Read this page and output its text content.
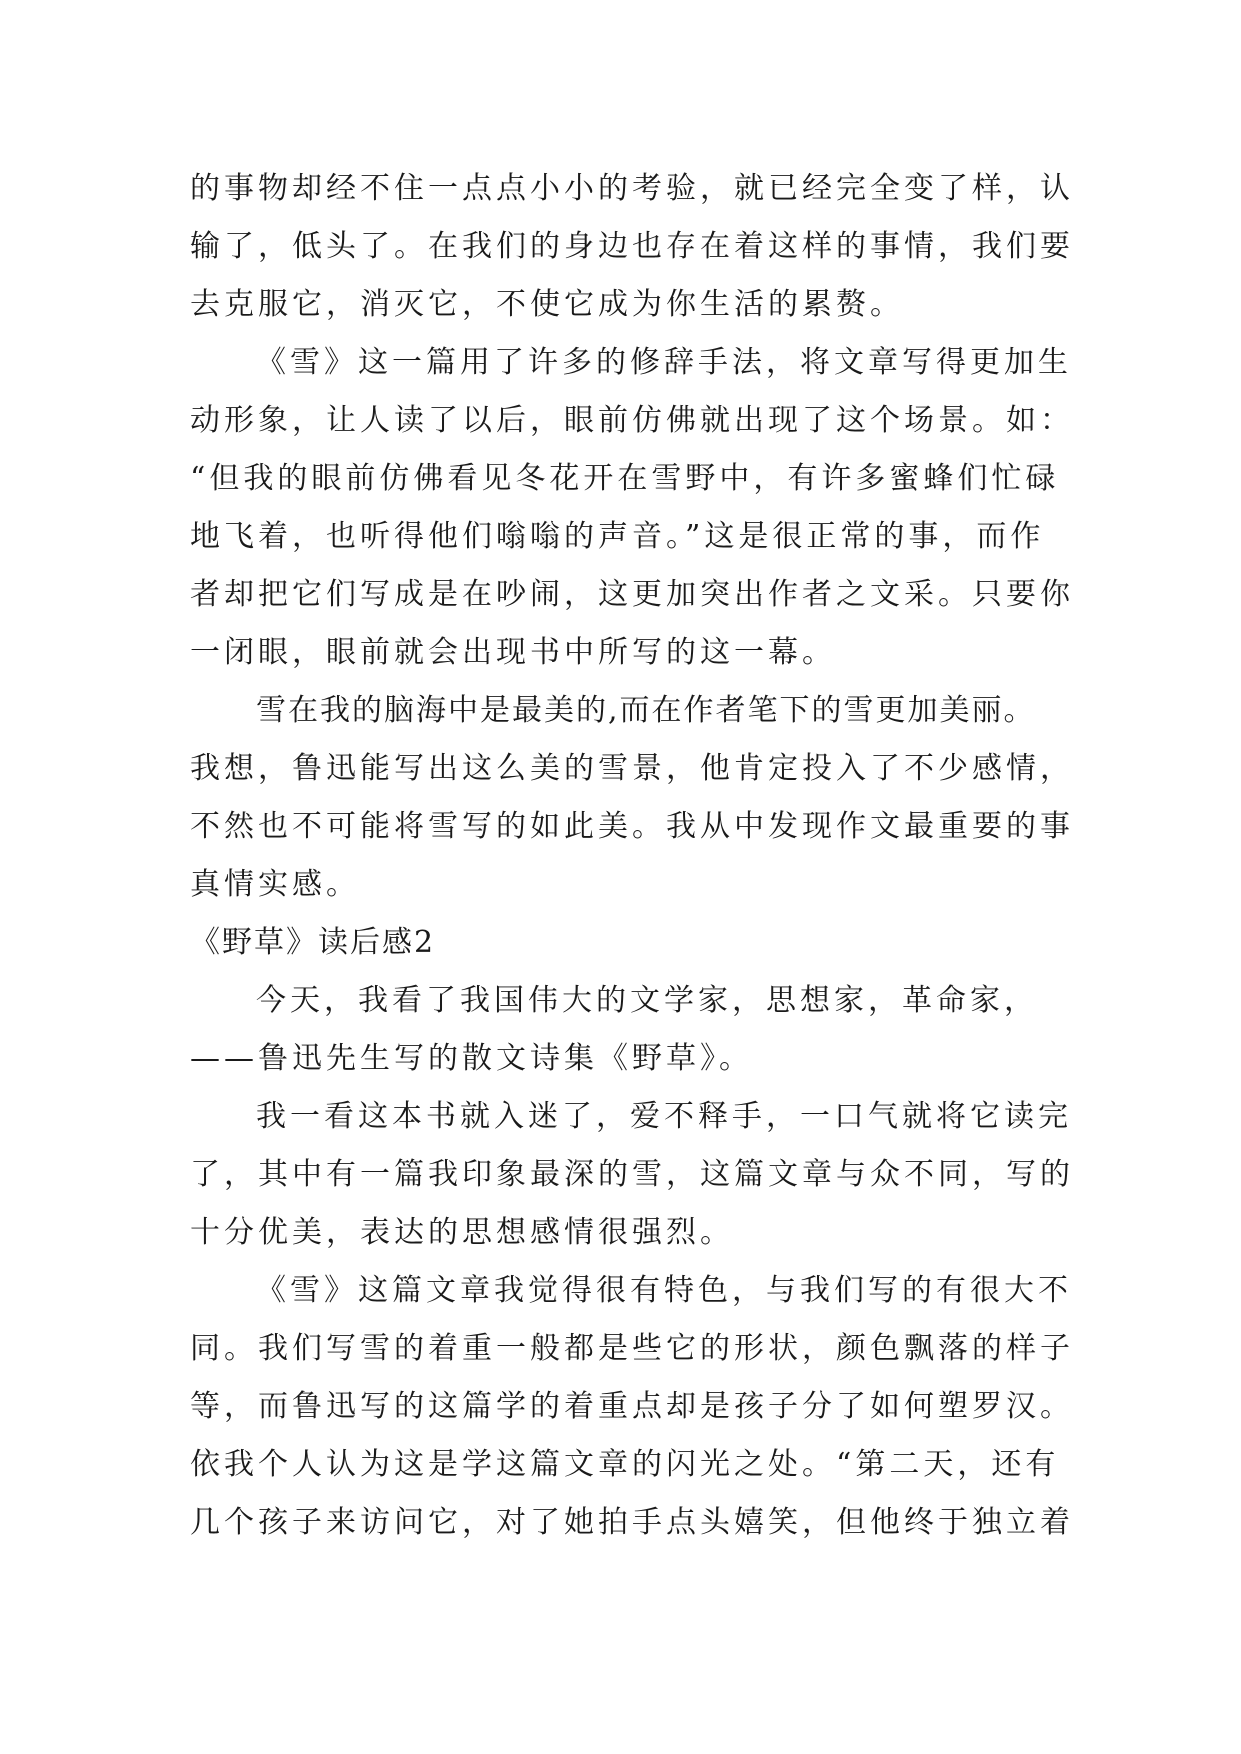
的事物却经不住一点点小小的考验，就已经完全变了样，认
输了，低头了。在我们的身边也存在着这样的事情，我们要
去克服它，消灭它，不使它成为你生活的累赘。
《雪》这一篇用了许多的修辞手法，将文章写得更加生
动形象，让人读了以后，眼前仿佛就出现了这个场景。如：
“但我的眼前仿佛看见冬花开在雪野中，有许多蜜蜂们忙碌
地飞着，也听得他们嗡嗡的声音。”这是很正常的事，而作
者却把它们写成是在吵闹，这更加突出作者之文采。只要你
一闭眼，眼前就会出现书中所写的这一幕。
雪在我的脑海中是最美的,而在作者笔下的雪更加美丽。
我想，鲁迅能写出这么美的雪景，他肯定投入了不少感情，
不然也不可能将雪写的如此美。我从中发现作文最重要的事
真情实感。
《野草》读后感2
今天，我看了我国伟大的文学家，思想家，革命家，
——鲁迅先生写的散文诗集《野草》。
我一看这本书就入迷了，爱不释手，一口气就将它读完
了，其中有一篇我印象最深的雪，这篇文章与众不同，写的
十分优美，表达的思想感情很强烈。
《雪》这篇文章我觉得很有特色，与我们写的有很大不
同。我们写雪的着重一般都是些它的形状，颜色飘落的样子
等，而鲁迅写的这篇学的着重点却是孩子分了如何塑罗汉。
依我个人认为这是学这篇文章的闪光之处。“第二天，还有
几个孩子来访问它，对了她拍手点头嬉笑，但他终于独立着
